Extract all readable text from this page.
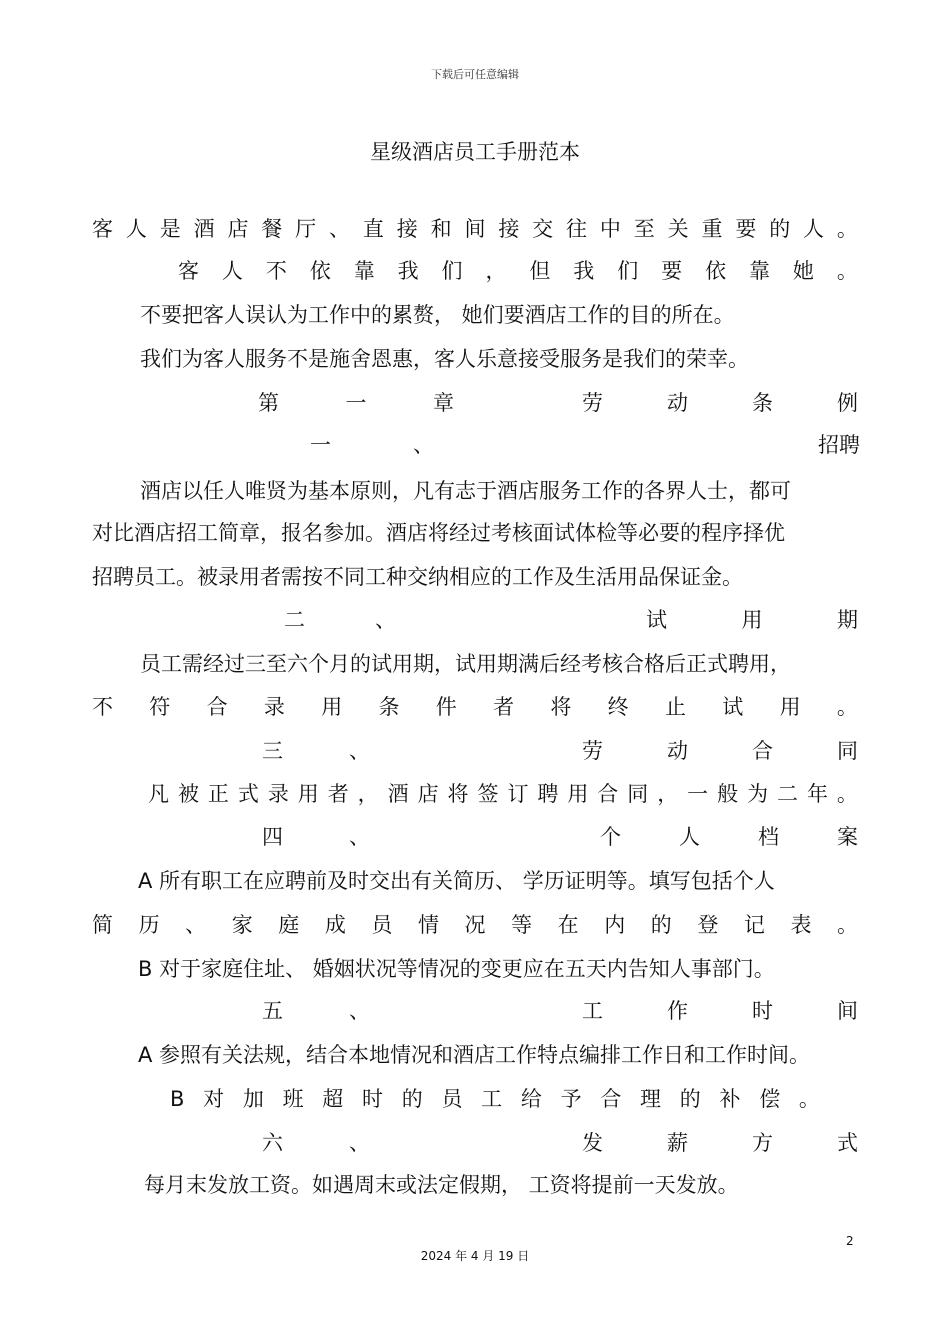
下载后可任意编辑
星级酒店员工手册范本
客 人 是 酒 店 餐 厅 、 直 接 和 间 接 交 往 中 至 关 重 要 的 人 。
客 人 不 依 靠 我 们 ， 但 我 们 要 依 靠 她 。
不要把客人误认为工作中的累赘， 她们要酒店工作的目的所在。
我们为客人服务不是施舍恩惠，客人乐意接受服务是我们的荣幸。
第	一	章	劳	动	条	例
一	、	招 聘
酒店以任人唯贤为基本原则，凡有志于酒店服务工作的各界人士，都可
对比酒店招工简章，报名参加。酒店将经过考核面试体检等必要的程序择优
招聘员工。被录用者需按不同工种交纳相应的工作及生活用品保证金。
二	、	试	用	期
员工需经过三至六个月的试用期，试用期满后经考核合格后正式聘用，
不 符 合 录 用 条 件 者 将 终 止 试 用 。
三	、	劳	动	合	同
凡 被 正 式 录 用 者 ， 酒 店 将 签 订 聘 用 合 同 ， 一 般 为 二 年 。
四	、	个	人	档	案
A 所有职工在应聘前及时交出有关简历、 学历证明等。填写包括个人
简 历 、 家 庭 成 员 情 况 等 在 内 的 登 记 表 。
B 对于家庭住址、 婚姻状况等情况的变更应在五天内告知人事部门。
五	、	工	作	时	间
A 参照有关法规，结合本地情况和酒店工作特点编排工作日和工作时间。
B 对 加 班 超 时 的 员 工 给 予 合 理 的 补 偿 。
六	、	发	薪	方	式
每月末发放工资。如遇周末或法定假期， 工资将提前一天发放。
2
2024 年 4 月 19 日
